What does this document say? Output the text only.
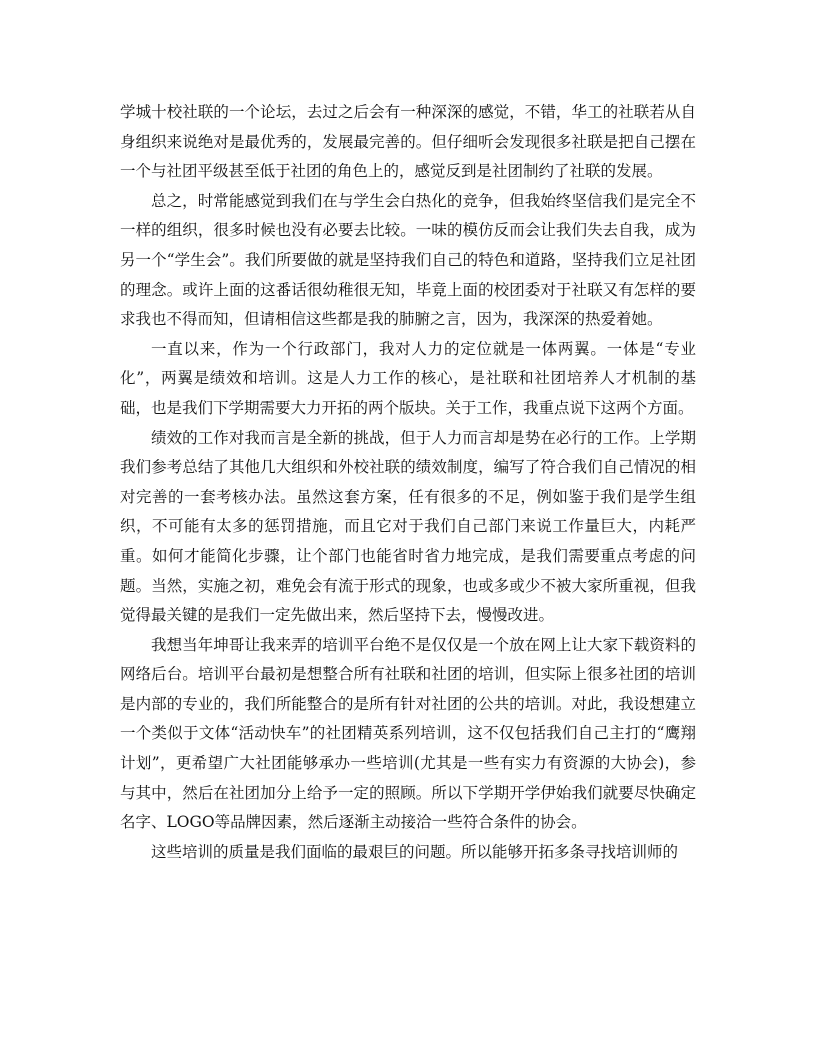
学城十校社联的一个论坛，去过之后会有一种深深的感觉，不错，华工的社联若从自身组织来说绝对是最优秀的，发展最完善的。但仔细听会发现很多社联是把自己摆在一个与社团平级甚至低于社团的角色上的，感觉反到是社团制约了社联的发展。

总之，时常能感觉到我们在与学生会白热化的竞争，但我始终坚信我们是完全不一样的组织，很多时候也没有必要去比较。一味的模仿反而会让我们失去自我，成为另一个“学生会”。我们所要做的就是坚持我们自己的特色和道路，坚持我们立足社团的理念。或许上面的这番话很幼稚很无知，毕竟上面的校团委对于社联又有怎样的要求我也不得而知，但请相信这些都是我的肺腑之言，因为，我深深的热爱着她。

一直以来，作为一个行政部门，我对人力的定位就是一体两翼。一体是“专业化”，两翼是绩效和培训。这是人力工作的核心，是社联和社团培养人才机制的基础，也是我们下学期需要大力开拓的两个版块。关于工作，我重点说下这两个方面。

绩效的工作对我而言是全新的挑战，但于人力而言却是势在必行的工作。上学期我们参考总结了其他几大组织和外校社联的绩效制度，编写了符合我们自己情况的相对完善的一套考核办法。虽然这套方案，任有很多的不足，例如鉴于我们是学生组织，不可能有太多的惩罚措施，而且它对于我们自己部门来说工作量巨大，内耗严重。如何才能简化步骤，让个部门也能省时省力地完成，是我们需要重点考虑的问题。当然，实施之初，难免会有流于形式的现象，也或多或少不被大家所重视，但我觉得最关键的是我们一定先做出来，然后坚持下去，慢慢改进。

我想当年坤哥让我来弄的培训平台绝不是仅仅是一个放在网上让大家下载资料的网络后台。培训平台最初是想整合所有社联和社团的培训，但实际上很多社团的培训是内部的专业的，我们所能整合的是所有针对社团的公共的培训。对此，我设想建立一个类似于文体“活动快车”的社团精英系列培训，这不仅包括我们自己主打的“鹰翔计划”，更希望广大社团能够承办一些培训(尤其是一些有实力有资源的大协会)，参与其中，然后在社团加分上给予一定的照顾。所以下学期开学伊始我们就要尽快确定名字、LOGO等品牌因素，然后逐渐主动接洽一些符合条件的协会。

这些培训的质量是我们面临的最艰巨的问题。所以能够开拓多条寻找培训师的
